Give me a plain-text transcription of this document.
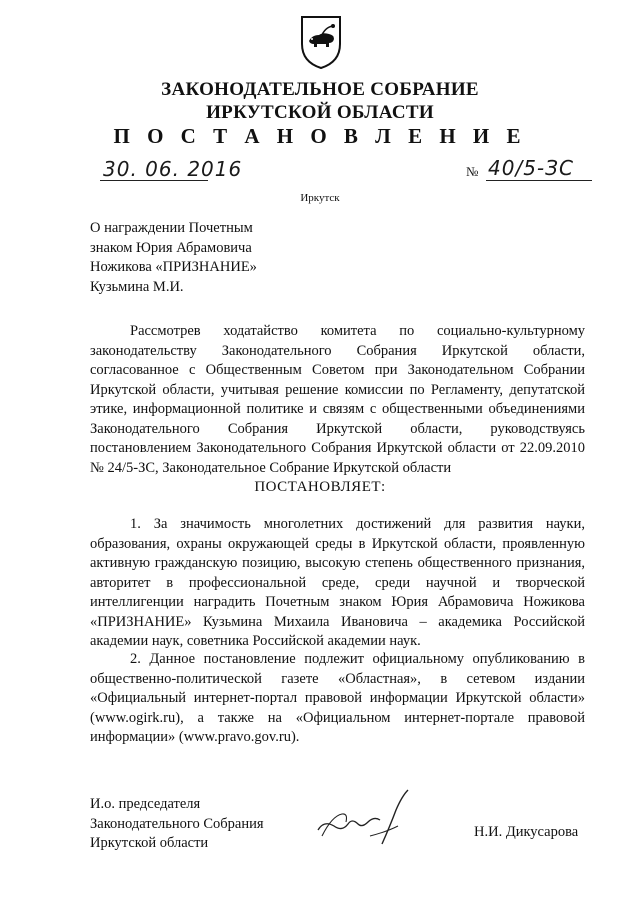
ЗАКОНОДАТЕЛЬНОЕ СОБРАНИЕ
ИРКУТСКОЙ ОБЛАСТИ
П О С Т А Н О В Л Е Н И Е
30. 06. 2016	№ 40/5-ЗС
Иркутск
О награждении Почетным
знаком Юрия Абрамовича
Ножикова «ПРИЗНАНИЕ»
Кузьмина М.И.

Рассмотрев ходатайство комитета по социально-культурному законодательству Законодательного Собрания Иркутской области, согласованное с Общественным Советом при Законодательном Собрании Иркутской области, учитывая решение комиссии по Регламенту, депутатской этике, информационной политике и связям с общественными объединениями Законодательного Собрания Иркутской области, руководствуясь постановлением Законодательного Собрания Иркутской области от 22.09.2010 № 24/5-ЗС, Законодательное Собрание Иркутской области

ПОСТАНОВЛЯЕТ:

1. За значимость многолетних достижений для развития науки, образования, охраны окружающей среды в Иркутской области, проявленную активную гражданскую позицию, высокую степень общественного признания, авторитет в профессиональной среде, среди научной и творческой интеллигенции наградить Почетным знаком Юрия Абрамовича Ножикова «ПРИЗНАНИЕ» Кузьмина Михаила Ивановича – академика Российской академии наук, советника Российской академии наук.

2. Данное постановление подлежит официальному опубликованию в общественно-политической газете «Областная», в сетевом издании «Официальный интернет-портал правовой информации Иркутской области» (www.ogirk.ru), а также на «Официальном интернет-портале правовой информации» (www.pravo.gov.ru).

И.о. председателя
Законодательного Собрания
Иркутской области
Н.И. Дикусарова
